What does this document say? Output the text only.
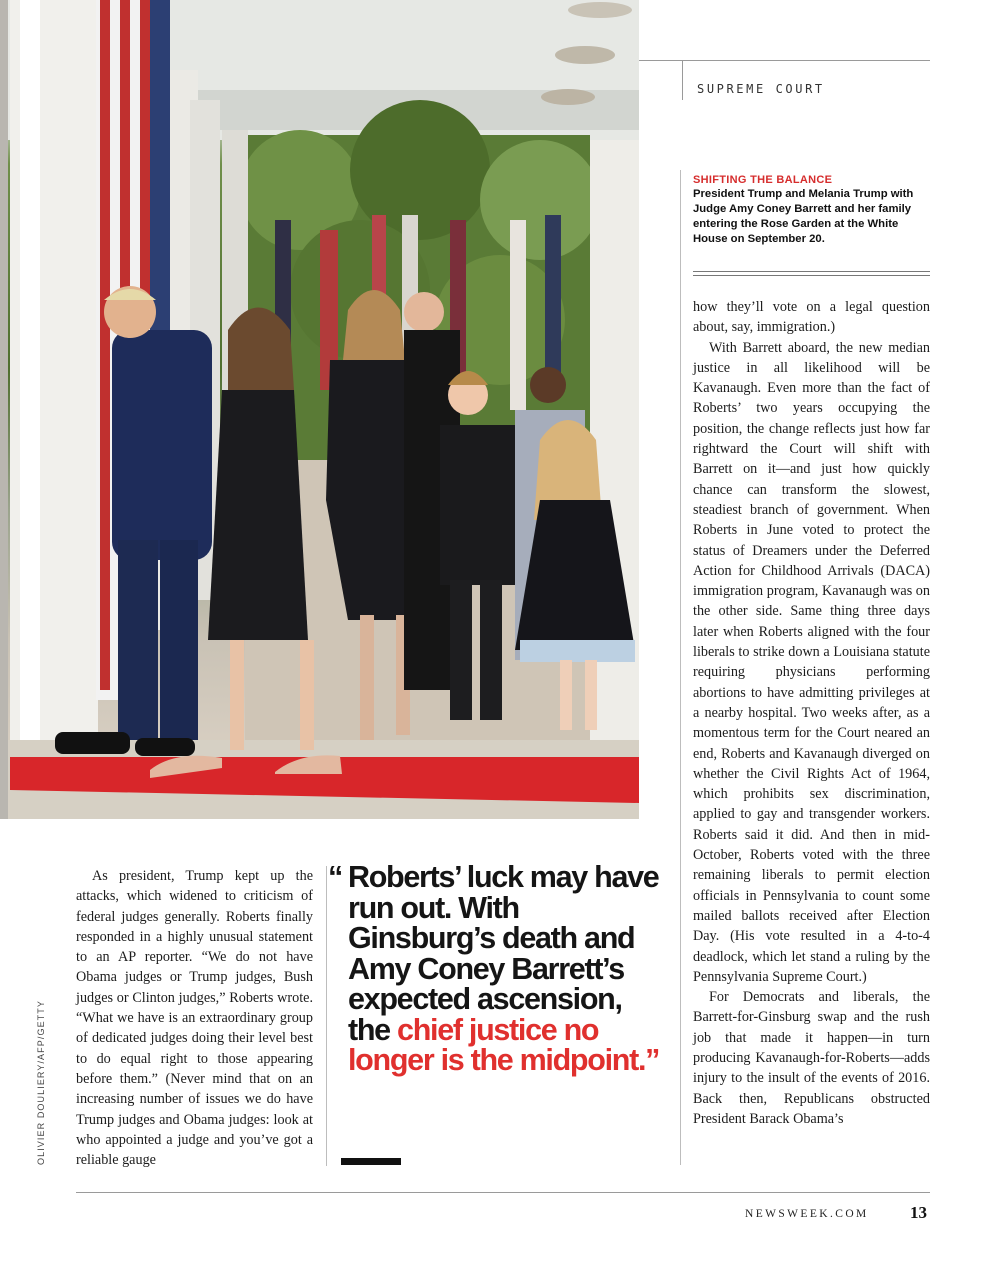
SUPREME COURT
SHIFTING THE BALANCE
President Trump and Melania Trump with Judge Amy Coney Barrett and her family entering the Rose Garden at the White House on September 20.

how they’ll vote on a legal question about, say, immigration.)

With Barrett aboard, the new median justice in all likelihood will be Kavanaugh. Even more than the fact of Roberts’ two years occupying the position, the change reflects just how far rightward the Court will shift with Barrett on it—and just how quickly chance can transform the slowest, steadiest branch of government. When Roberts in June voted to protect the status of Dreamers under the Deferred Action for Childhood Arrivals (DACA) immigration program, Kavanaugh was on the other side. Same thing three days later when Roberts aligned with the four liberals to strike down a Louisiana statute requiring physicians performing abortions to have admitting privileges at a nearby hospital. Two weeks after, as a momentous term for the Court neared an end, Roberts and Kavanaugh diverged on whether the Civil Rights Act of 1964, which prohibits sex discrimination, applied to gay and transgender workers. Roberts said it did. And then in mid-October, Roberts voted with the three remaining liberals to permit election officials in Pennsylvania to count some mailed ballots received after Election Day. (His vote resulted in a 4-to-4 deadlock, which let stand a ruling by the Pennsylvania Supreme Court.)

For Democrats and liberals, the Barrett-for-Ginsburg swap and the rush job that made it happen—in turn producing Kavanaugh-for-Roberts—adds injury to the insult of the events of 2016. Back then, Republicans obstructed President Barack Obama’s

As president, Trump kept up the attacks, which widened to criticism of federal judges generally. Roberts finally responded in a highly unusual statement to an AP reporter. “We do not have Obama judges or Trump judges, Bush judges or Clinton judges,” Roberts wrote. “What we have is an extraordinary group of dedicated judges doing their level best to do equal right to those appearing before them.” (Never mind that on an increasing number of issues we do have Trump judges and Obama judges: look at who appointed a judge and you’ve got a reliable gauge

“ Roberts’ luck may have run out. With Ginsburg’s death and Amy Coney Barrett’s expected ascension, the chief justice no longer is the midpoint.”
OLIVIER DOULIERY/AFP/GETTY
NEWSWEEK.COM 13
